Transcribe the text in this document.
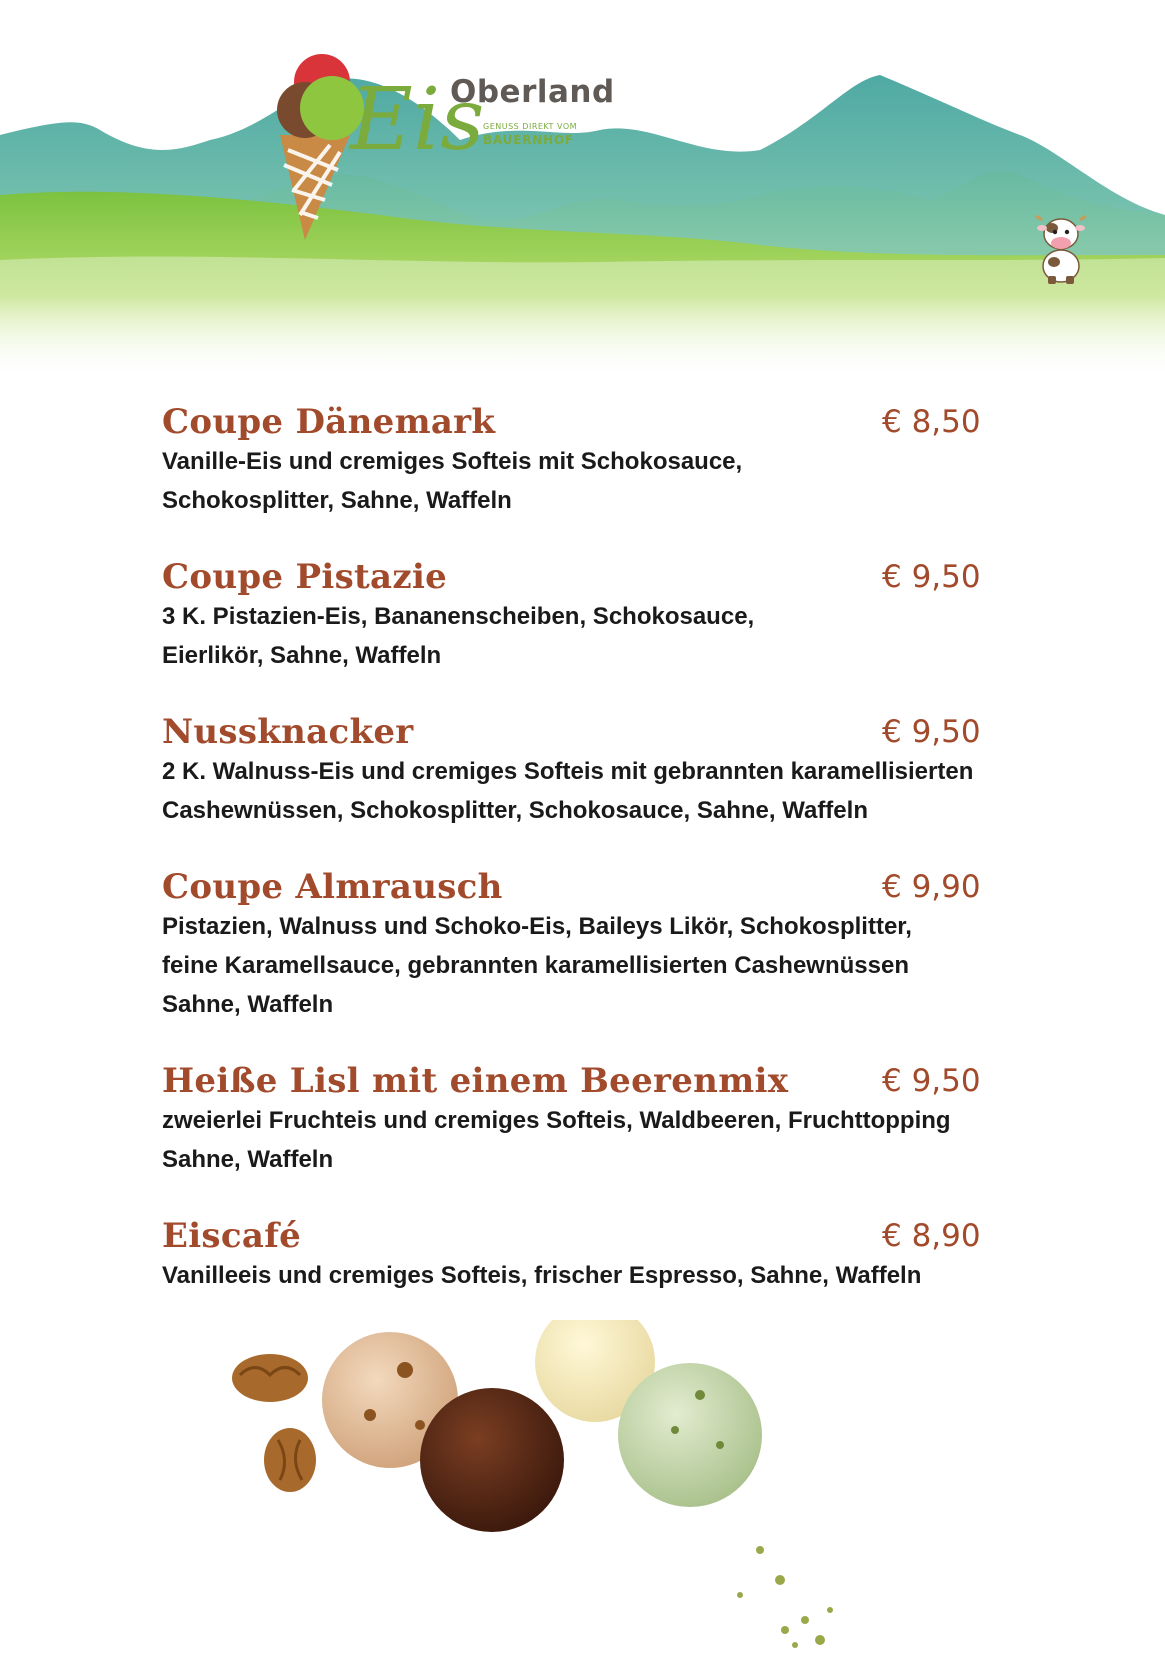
Eis
Oberland
GENUSS DIREKT VOM
BAUERNHOF
Coupe Dänemark	€ 8,50
Vanille-Eis und cremiges Softeis mit Schokosauce,
Schokosplitter, Sahne, Waffeln
Coupe Pistazie	€ 9,50
3 K. Pistazien-Eis, Bananenscheiben, Schokosauce,
Eierlikör, Sahne, Waffeln
Nussknacker	€ 9,50
2 K. Walnuss-Eis und cremiges Softeis mit gebrannten karamellisierten
Cashewnüssen, Schokosplitter, Schokosauce, Sahne, Waffeln
Coupe Almrausch	€ 9,90
Pistazien, Walnuss und Schoko-Eis, Baileys Likör, Schokosplitter,
feine Karamellsauce, gebrannten karamellisierten Cashewnüssen
Sahne, Waffeln
Heiße Lisl mit einem Beerenmix	€ 9,50
zweierlei Fruchteis und cremiges Softeis, Waldbeeren, Fruchttopping
Sahne, Waffeln
Eiscafé	€ 8,90
Vanilleeis und cremiges Softeis, frischer Espresso, Sahne, Waffeln
